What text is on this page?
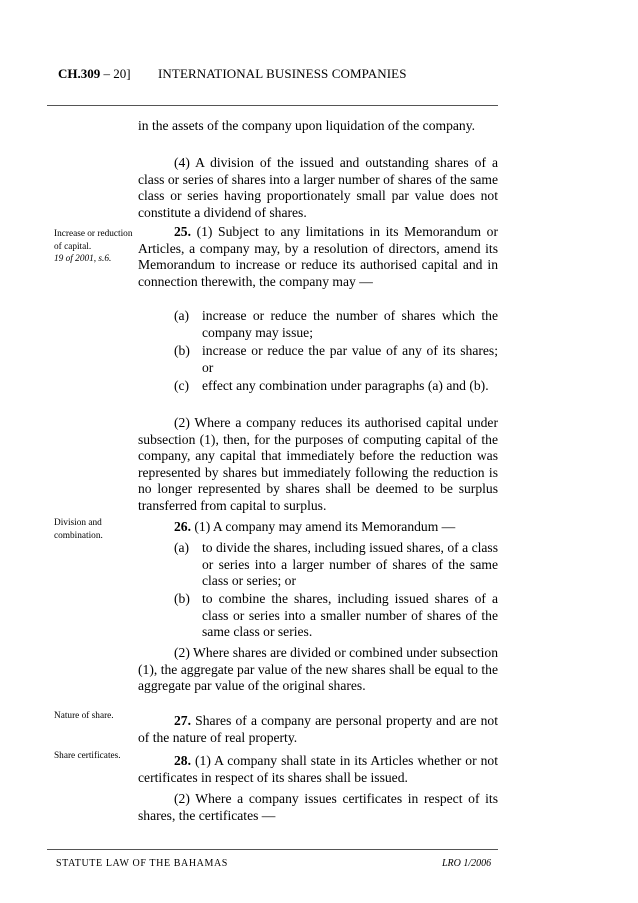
CH.309 – 20] INTERNATIONAL BUSINESS COMPANIES
Increase or reduction of capital.
19 of 2001, s.6.
Division and combination.
Nature of share.
Share certificates.

in the assets of the company upon liquidation of the company.

(4) A division of the issued and outstanding shares of a class or series of shares into a larger number of shares of the same class or series having proportionately small par value does not constitute a dividend of shares.

25. (1) Subject to any limitations in its Memorandum or Articles, a company may, by a resolution of directors, amend its Memorandum to increase or reduce its authorised capital and in connection therewith, the company may —

(a) increase or reduce the number of shares which the company may issue;
(b) increase or reduce the par value of any of its shares; or
(c) effect any combination under paragraphs (a) and (b).

(2) Where a company reduces its authorised capital under subsection (1), then, for the purposes of computing capital of the company, any capital that immediately before the reduction was represented by shares but immediately following the reduction is no longer represented by shares shall be deemed to be surplus transferred from capital to surplus.

26. (1) A company may amend its Memorandum —

(a) to divide the shares, including issued shares, of a class or series into a larger number of shares of the same class or series; or
(b) to combine the shares, including issued shares of a class or series into a smaller number of shares of the same class or series.

(2) Where shares are divided or combined under subsection (1), the aggregate par value of the new shares shall be equal to the aggregate par value of the original shares.

27. Shares of a company are personal property and are not of the nature of real property.

28. (1) A company shall state in its Articles whether or not certificates in respect of its shares shall be issued.

(2) Where a company issues certificates in respect of its shares, the certificates —

STATUTE LAW OF THE BAHAMAS	LRO 1/2006
